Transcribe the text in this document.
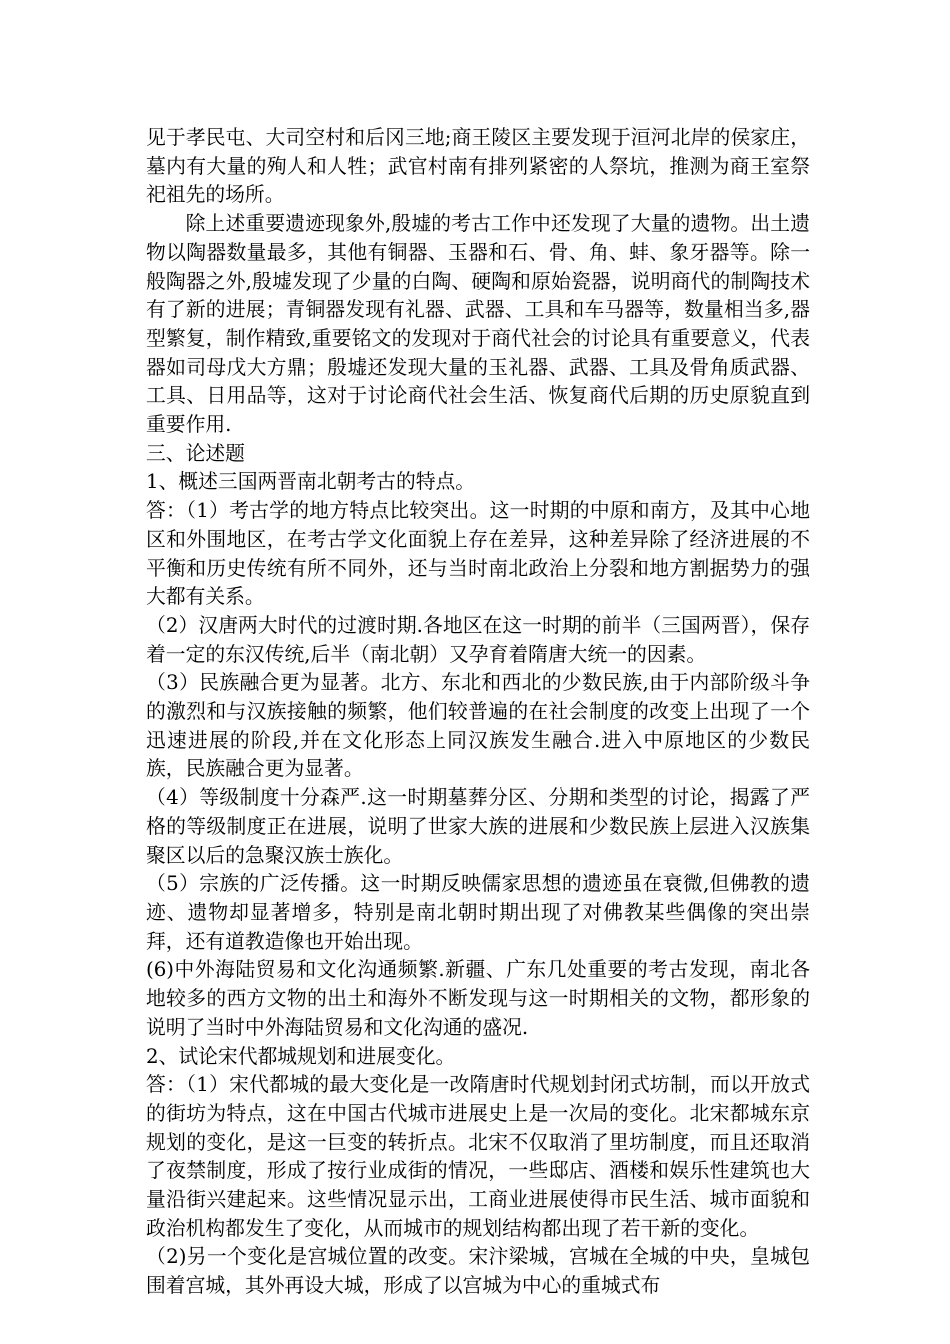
见于孝民屯、大司空村和后冈三地;商王陵区主要发现于洹河北岸的侯家庄，墓内有大量的殉人和人牲；武官村南有排列紧密的人祭坑，推测为商王室祭祀祖先的场所。

除上述重要遗迹现象外,殷墟的考古工作中还发现了大量的遗物。出土遗物以陶器数量最多，其他有铜器、玉器和石、骨、角、蚌、象牙器等。除一般陶器之外,殷墟发现了少量的白陶、硬陶和原始瓷器，说明商代的制陶技术有了新的进展；青铜器发现有礼器、武器、工具和车马器等，数量相当多,器型繁复，制作精致,重要铭文的发现对于商代社会的讨论具有重要意义，代表器如司母戊大方鼎；殷墟还发现大量的玉礼器、武器、工具及骨角质武器、工具、日用品等，这对于讨论商代社会生活、恢复商代后期的历史原貌直到重要作用.

三、论述题

1、概述三国两晋南北朝考古的特点。

答：（1）考古学的地方特点比较突出。这一时期的中原和南方，及其中心地区和外围地区，在考古学文化面貌上存在差异，这种差异除了经济进展的不平衡和历史传统有所不同外，还与当时南北政治上分裂和地方割据势力的强大都有关系。

（2）汉唐两大时代的过渡时期.各地区在这一时期的前半（三国两晋），保存着一定的东汉传统,后半（南北朝）又孕育着隋唐大统一的因素。

（3）民族融合更为显著。北方、东北和西北的少数民族,由于内部阶级斗争的激烈和与汉族接触的频繁，他们较普遍的在社会制度的改变上出现了一个迅速进展的阶段,并在文化形态上同汉族发生融合.进入中原地区的少数民族，民族融合更为显著。

（4）等级制度十分森严.这一时期墓葬分区、分期和类型的讨论，揭露了严格的等级制度正在进展，说明了世家大族的进展和少数民族上层进入汉族集聚区以后的急聚汉族士族化。

（5）宗族的广泛传播。这一时期反映儒家思想的遗迹虽在衰微,但佛教的遗迹、遗物却显著增多，特别是南北朝时期出现了对佛教某些偶像的突出崇拜，还有道教造像也开始出现。

(6)中外海陆贸易和文化沟通频繁.新疆、广东几处重要的考古发现，南北各地较多的西方文物的出土和海外不断发现与这一时期相关的文物，都形象的说明了当时中外海陆贸易和文化沟通的盛况.

2、试论宋代都城规划和进展变化。

答：（1）宋代都城的最大变化是一改隋唐时代规划封闭式坊制，而以开放式的街坊为特点，这在中国古代城市进展史上是一次局的变化。北宋都城东京规划的变化，是这一巨变的转折点。北宋不仅取消了里坊制度，而且还取消了夜禁制度，形成了按行业成街的情况，一些邸店、酒楼和娱乐性建筑也大量沿街兴建起来。这些情况显示出，工商业进展使得市民生活、城市面貌和政治机构都发生了变化，从而城市的规划结构都出现了若干新的变化。

（2)另一个变化是宫城位置的改变。宋汴梁城，宫城在全城的中央，皇城包围着宫城，其外再设大城，形成了以宫城为中心的重城式布
